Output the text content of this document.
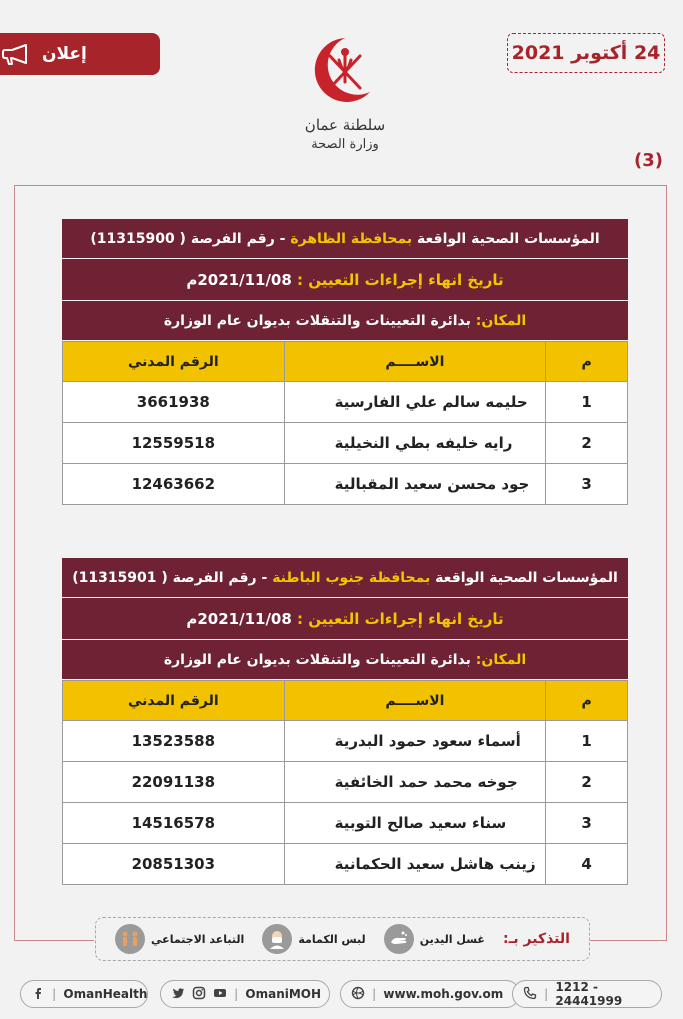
إعلان
سلطنة عمان
وزارة الصحة
24 أكتوبر 2021
(3)
المؤسسات الصحية الواقعة

بمحافظة الظاهرة

- رقم الفرصة ( 11315900)
تاريخ انهاء إجراءات التعيين :

2021/11/08م
المكان:

بدائرة التعيينات والتنقلات بديوان عام الوزارة
م	الاســــم	الرقم المدني
1	حليمه سالم علي الفارسية	3661938
2	رايه خليفه بطي النخيلية	12559518
3	جود محسن سعيد المقبالية	12463662
المؤسسات الصحية الواقعة

بمحافظة جنوب الباطنة

- رقم الفرصة ( 11315901)
تاريخ انهاء إجراءات التعيين :

2021/11/08م
المكان:

بدائرة التعيينات والتنقلات بديوان عام الوزارة
م	الاســــم	الرقم المدني
1	أسماء سعود حمود البدرية	13523588
2	جوخه محمد حمد الخائفية	22091138
3	سناء سعيد صالح التوبية	14516578
4	زينب هاشل سعيد الحكمانية	20851303
التذكير بـ:
غسل اليدين
لبس الكمامة
التباعد الاجتماعي
| OmanHealth	| OmaniMOH	| www.moh.gov.om	| 1212 - 24441999
